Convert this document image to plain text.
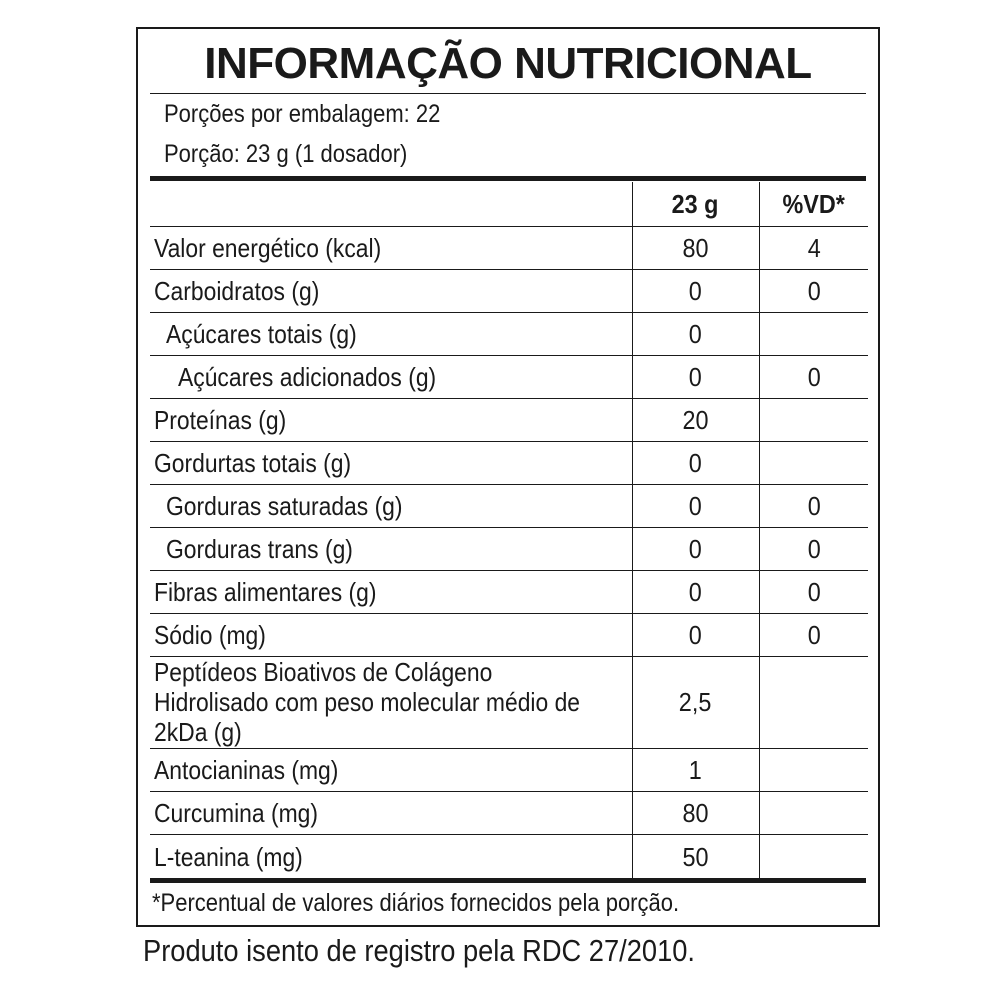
INFORMAÇÃO NUTRICIONAL
Porções por embalagem: 22
Porção: 23 g (1 dosador)
	23 g	%VD*
Valor energético (kcal)	80	4
Carboidratos (g)	0	0
Açúcares totais (g)	0	
Açúcares adicionados (g)	0	0
Proteínas (g)	20	
Gordurtas totais (g)	0	
Gorduras saturadas (g)	0	0
Gorduras trans (g)	0	0
Fibras alimentares (g)	0	0
Sódio (mg)	0	0
Peptídeos Bioativos de Colágeno Hidrolisado com peso molecular médio de 2kDa (g)	2,5	
Antocianinas (mg)	1	
Curcumina (mg)	80	
L-teanina (mg)	50	
*Percentual de valores diários fornecidos pela porção.
Produto isento de registro pela RDC 27/2010.
